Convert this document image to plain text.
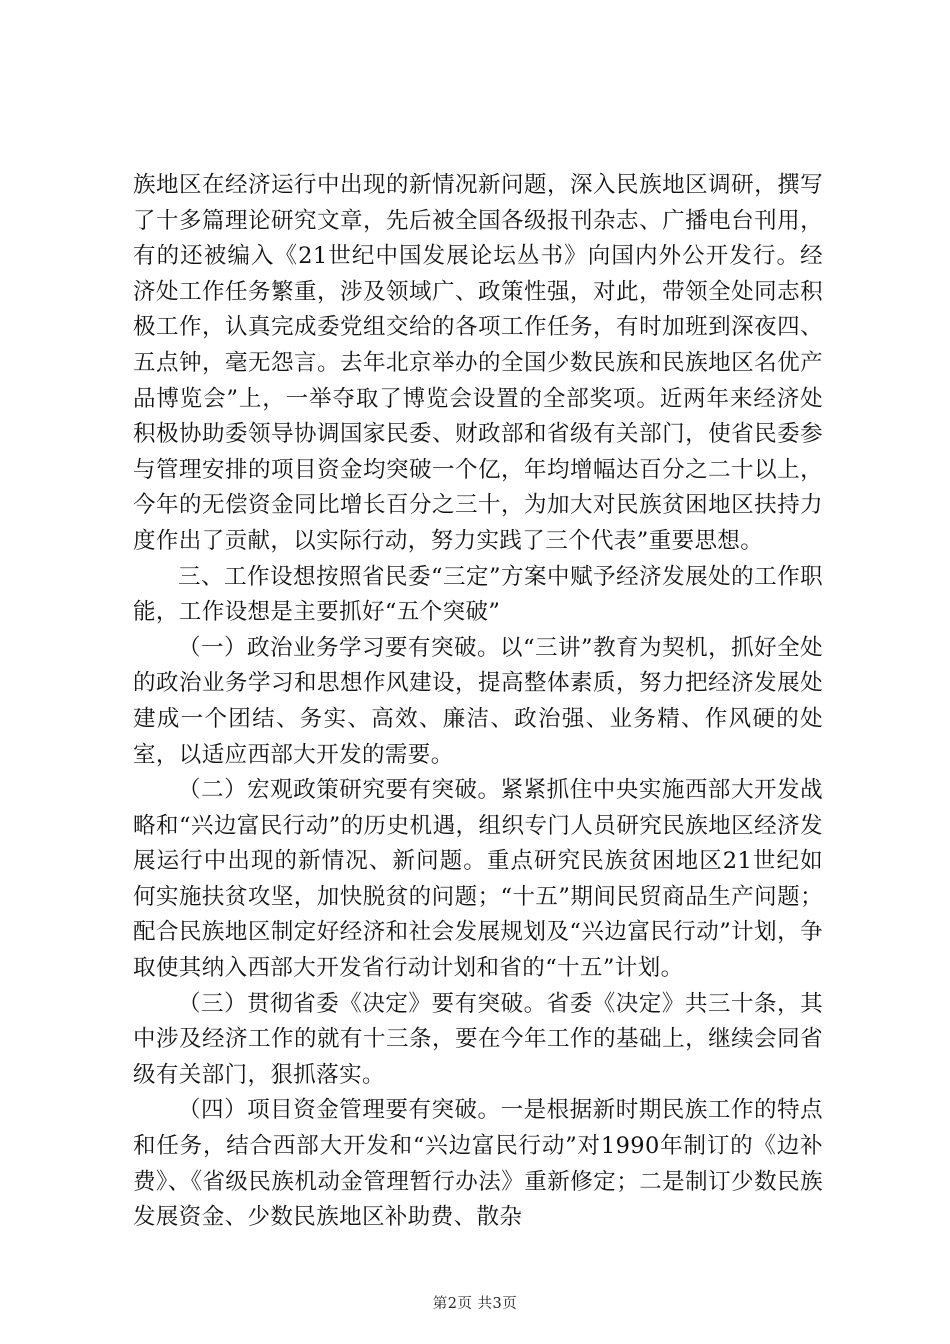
族地区在经济运行中出现的新情况新问题，深入民族地区调研，撰写了十多篇理论研究文章，先后被全国各级报刊杂志、广播电台刊用，有的还被编入《21世纪中国发展论坛丛书》向国内外公开发行。经济处工作任务繁重，涉及领域广、政策性强，对此，带领全处同志积极工作，认真完成委党组交给的各项工作任务，有时加班到深夜四、五点钟，毫无怨言。去年北京举办的全国少数民族和民族地区名优产品博览会”上，一举夺取了博览会设置的全部奖项。近两年来经济处积极协助委领导协调国家民委、财政部和省级有关部门，使省民委参与管理安排的项目资金均突破一个亿，年均增幅达百分之二十以上，今年的无偿资金同比增长百分之三十，为加大对民族贫困地区扶持力度作出了贡献，以实际行动，努力实践了三个代表”重要思想。

三、工作设想按照省民委“三定”方案中赋予经济发展处的工作职能，工作设想是主要抓好“五个突破”

（一）政治业务学习要有突破。以“三讲”教育为契机，抓好全处的政治业务学习和思想作风建设，提高整体素质，努力把经济发展处建成一个团结、务实、高效、廉洁、政治强、业务精、作风硬的处室，以适应西部大开发的需要。

（二）宏观政策研究要有突破。紧紧抓住中央实施西部大开发战略和“兴边富民行动”的历史机遇，组织专门人员研究民族地区经济发展运行中出现的新情况、新问题。重点研究民族贫困地区21世纪如何实施扶贫攻坚，加快脱贫的问题；“十五”期间民贸商品生产问题；配合民族地区制定好经济和社会发展规划及“兴边富民行动”计划，争取使其纳入西部大开发省行动计划和省的“十五”计划。

（三）贯彻省委《决定》要有突破。省委《决定》共三十条，其中涉及经济工作的就有十三条，要在今年工作的基础上，继续会同省级有关部门，狠抓落实。

（四）项目资金管理要有突破。一是根据新时期民族工作的特点和任务，结合西部大开发和“兴边富民行动”对1990年制订的《边补费》、《省级民族机动金管理暂行办法》重新修定；二是制订少数民族发展资金、少数民族地区补助费、散杂

第2页 共3页
